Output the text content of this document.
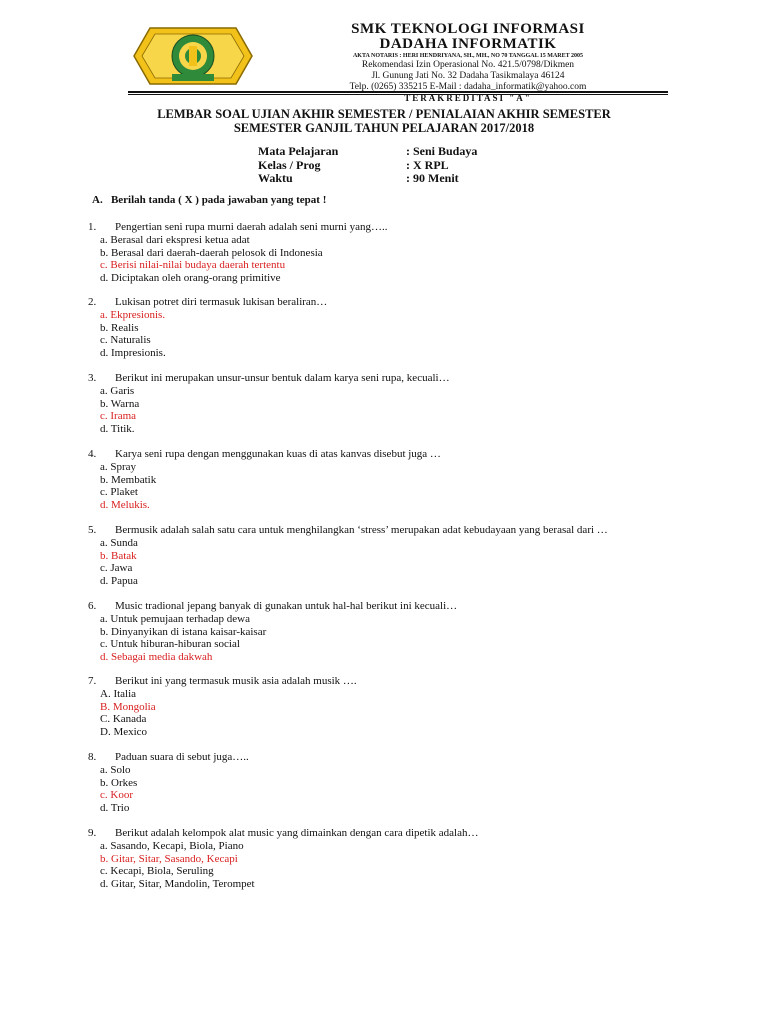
SMK TEKNOLOGI INFORMASI
DADAHA INFORMATIK
AKTA NOTARIS : HERI HENDRIYANA, SH., MH., NO 70 TANGGAL 15 MARET 2005
Rekomendasi Izin Operasional No. 421.5/0798/Dikmen
Jl. Gunung Jati No. 32 Dadaha Tasikmalaya 46124
Telp. (0265) 335215 E-Mail : dadaha_informatik@yahoo.com
TERAKREDITASI "A"
LEMBAR SOAL UJIAN AKHIR SEMESTER / PENIALAIAN AKHIR SEMESTER
SEMESTER GANJIL TAHUN PELAJARAN 2017/2018
Mata Pelajaran	: Seni Budaya
Kelas / Prog	: X RPL
Waktu	: 90 Menit
A.   Berilah tanda ( X ) pada jawaban yang tepat !
1. Pengertian seni rupa murni daerah adalah seni murni yang…..
a. Berasal dari ekspresi ketua adat
b. Berasal dari daerah-daerah pelosok di Indonesia
c. Berisi nilai-nilai budaya daerah tertentu
d. Diciptakan oleh orang-orang primitive
2. Lukisan potret diri termasuk lukisan beraliran…
a. Ekpresionis.
b. Realis
c. Naturalis
d. Impresionis.
3. Berikut ini merupakan unsur-unsur bentuk dalam karya seni rupa, kecuali…
a. Garis
b. Warna
c. Irama
d. Titik.
4. Karya seni rupa dengan menggunakan kuas di atas kanvas disebut juga …
a. Spray
b. Membatik
c. Plaket
d. Melukis.
5. Bermusik adalah salah satu cara untuk menghilangkan ‘stress’ merupakan adat kebudayaan yang berasal dari …
a. Sunda
b. Batak
c. Jawa
d. Papua
6. Music tradional jepang banyak di gunakan untuk hal-hal berikut ini kecuali…
a. Untuk pemujaan terhadap dewa
b. Dinyanyikan di istana kaisar-kaisar
c. Untuk hiburan-hiburan social
d. Sebagai media dakwah
7. Berikut ini yang termasuk musik asia adalah musik ….
A. Italia
B. Mongolia
C. Kanada
D. Mexico
8. Paduan suara di sebut juga…..
a. Solo
b. Orkes
c. Koor
d. Trio
9. Berikut adalah kelompok alat music yang dimainkan dengan cara dipetik adalah…
a. Sasando, Kecapi, Biola, Piano
b. Gitar, Sitar, Sasando, Kecapi
c. Kecapi, Biola, Seruling
d. Gitar, Sitar, Mandolin, Terompet
